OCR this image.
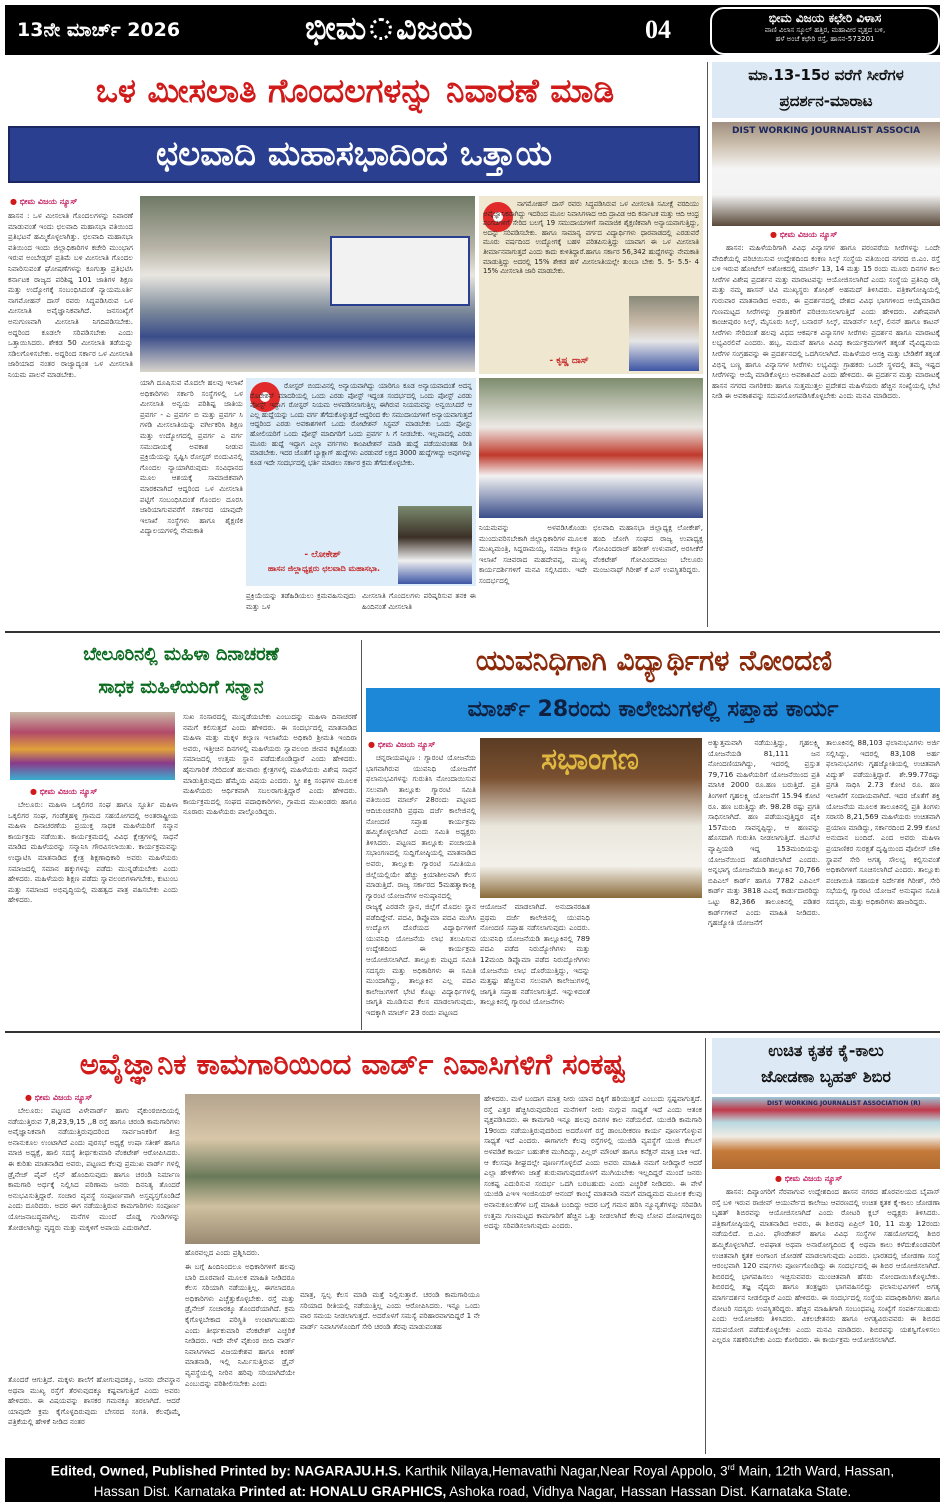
13ನೇ ಮಾರ್ಚ್ 2026	ಭೀಮ ವಿಜಯ	04	ಭೀಮ ವಿಜಯ ಕಛೇರಿ ವಿಳಾಸ
ವಾಣಿ ವಿಲಾಸ ಸ್ಕೂಲ್ ಹತ್ತಿರ, ಮಹಾವೀರ ವೃತ್ತದ ಬಳಿ,
ಹಳೆ ಅಂಚೆ ಕಛೇರಿ ರಸ್ತೆ, ಹಾಸನ-573201
ಒಳ ಮೀಸಲಾತಿ ಗೊಂದಲಗಳನ್ನು ನಿವಾರಣೆ ಮಾಡಿ
ಛಲವಾದಿ ಮಹಾಸಭಾದಿಂದ ಒತ್ತಾಯ
● ಭೀಮ ವಿಜಯ ನ್ಯೂಸ್
ಹಾಸನ : ಒಳ ಮೀಸಲಾತಿ ಗೊಂದಲಗಳನ್ನು ನಿವಾರಣೆ ಮಾಡುವಂತೆ ಇಂದು ಛಲವಾದಿ ಮಹಾಸಭಾ ವತಿಯಿಂದ ಪ್ರತಿಭಟನೆ ಹಮ್ಮಿಕೊಳ್ಳಲಾಗಿತ್ತು. ಛಲವಾದಿ ಮಹಾಸಭಾ ವತಿಯಿಂದ ಇಂದು ಜಿಲ್ಲಾಧಿಕಾರಿಗಳ ಕಚೇರಿ ಮುಂಭಾಗ ಇರುವ ಅಂಬೇಡ್ಕರ್ ಪ್ರತಿಮೆ ಬಳಿ ಮೀಸಲಾತಿ ಗೊಂದಲ ನಿವಾರಿಸುವಂತೆ ಘೋಷಣೆಗಳನ್ನು ಕೂಗುತ್ತಾ ಪ್ರತಿಭಟಿಸಿ ಕರ್ನಾಟಕ ರಾಜ್ಯದ ಪರಿಶಿಷ್ಟ 101 ಜಾತಿಗಳ ಶಿಕ್ಷಣ ಮತ್ತು ಉದ್ಯೋಗಕ್ಕೆ ಸಂಬಂಧಿಸಿದಂತೆ ನ್ಯಾಯಮೂರ್ತಿ ನಾಗಮೋಹನ್ ದಾಸ್ ರವರು ಸಿದ್ಧಪಡಿಸಿರುವ ಒಳ ಮೀಸಲಾತಿ ಅವೈಜ್ಞಾನಿಕವಾಗಿದೆ. ಜನಸಂಖ್ಯೆಗೆ ಅನುಗುಣವಾಗಿ ಮೀಸಲಾತಿ ನಿಗದಿಪಡಿಸಬೇಕು. ಅದ್ದರಿಂದ ಕೂಡಲೇ ಸರಿಪಡಿಸಬೇಕು ಎಂದು ಒತ್ತಾಯಿಸಿದರು. ಶೇಕಡ 50 ಮೀಸಲಾತಿ ತಡೆಯನ್ನು ಸಡಿಲಗೊಳಿಸಬೇಕು. ಅದ್ದರಿಂದ ಸರ್ಕಾರ ಒಳ ಮೀಸಲಾತಿ ಜಾರಿಯಾದ ನಂತರ ರಾಜ್ಯಾದ್ಯಂತ ಒಳ ಮೀಸಲಾತಿ ನಿಯಮ ಪಾಲನೆ ಮಾಡಬೇಕು.
ಯಾಗಿ ದೂಷಿಸುವ ಮೊದಲೇ ಹಲವು ಇಲಾಖೆ ಅಧಿಕಾರಿಗಳು ಸರ್ಕಾರಿ ಸಂಸ್ಥೆಗಳಲ್ಲಿ ಒಳ ಮೀಸಲಾತಿ ಅನ್ವಯ ಪರಿಶಿಷ್ಟ ಜಾತಿಯ ಪ್ರವರ್ಗ - ಎ ಪ್ರವರ್ಗ ಬಿ ಮತ್ತು ಪ್ರವರ್ಗ ಸಿ ಗಳಡಿ ಮೀಸಲಾತಿಯನ್ನು ವರ್ಗೀಕರಿಸಿ ಶಿಕ್ಷಣ ಮತ್ತು ಉದ್ಯೋಗದಲ್ಲಿ ಪ್ರವರ್ಗ ಎ ವರ್ಗ ಸಮುದಾಯಕ್ಕೆ ಅವಕಾಶ ನೀಡುವ ಪ್ರಕ್ರಿಯೆಯನ್ನು ಸೃಷ್ಟಿಸಿ ರೋಸ್ಟರ್ ಬಿಂದುವಿನಲ್ಲಿ ಗೊಂದಲ ನ್ಯಾಯಾಗಿರುವುದು ಸಂವಿಧಾನದ ಮೂಲ ಆಶಯಕ್ಕೆ ಸಾಮಾಜಿಕವಾಗಿ ಮಾರಕವಾಗಿದೆ ಆದ್ದರಿಂದ ಒಳ ಮೀಸಲಾತಿ ಪಟ್ಟಿಗೆ ಸಂಬಂಧಿಸಿದಂತೆ ಗೊಂದಲ ದೂರಸಿ ಜಾರಿಯಾಗುವವರೆಗೆ ಸರ್ಕಾರದ ಯಾವುದೇ ಇಲಾಖೆ ಸಂಸ್ಥೆಗಳು ಹಾಗೂ ಶೈಕ್ಷಣಿಕ ವಿದ್ಯಾಲಯಗಳಲ್ಲಿ ನೇಮಕಾತಿ
ರೋಸ್ಟರ್ ಬಿಂದುವಿನಲ್ಲಿ ಅನ್ಯಾಯವಾಗಿದ್ದು ಯಾರಿಗೂ ಕೂಡ ಅನ್ಯಾಯವಾದಂತೆ ಅದನ್ನ ರೊಟೇಶನ್ ಮಾದರಿಯಲ್ಲಿ ಒಂದು ಎರಡು ಪೋಸ್ಟ್ ಇದ್ದಂತ ಸಂದರ್ಭದಲ್ಲಿ ಒಂದು ಪೋಸ್ಟ್ ಎರಡು ಪೋಸ್ಟ್ ಇದ್ದಾಗ ರೋಸ್ಟರ್ ನಿಯಮ ಅಳವಡಿಸಲಾಗುತ್ತಿಲ್ಲ ಈಗಿರುವ ನಿಯಮವನ್ನು ಅನ್ವಯಿಸಿದರೆ ಆ ಎಲ್ಲ ಹುದ್ದೆಯನ್ನು ಒಂದು ವರ್ಗ ತೆಗೆದುಕೊಳ್ಳುತ್ತದೆ ಆದ್ದರಿಂದ ಕೆಲ ಸಮುದಾಯಗಳಿಗೆ ಅನ್ಯಾಯವಾಗುತ್ತದೆ ಆದ್ದರಿಂದ ಎರಡು ಅವಕಾಶಗಳಿಗೆ ಒಂದು ರೋಟೇಶನ್ ಸಿಸ್ಟಮ್ ಮಾಡಬೇಕು ಒಂದು ಪೋಸ್ಟು ಹೋಲಿಯರಿಗೆ ಒಂದು ಪೋಸ್ಟ್ ಮಾದಿಗರಿಗೆ ಒಂದು ಪ್ರವರ್ಗ ಸಿ ಗೆ ನೀಡಬೇಕು. ಇಲ್ಲವಾದಲ್ಲಿ ಎರಡು ಮೂರು ಹುದ್ದೆ ಇದ್ದಾಗ ಎಲ್ಲಾ ವರ್ಗಗಳು ಕಾಂಪಿಟೇಶನ್ ಮಾಡಿ ಹುದ್ದೆ ಪಡೆಯುವಂತಹ ರೀತಿ ಮಾಡಬೇಕು. ಇದರ ಜೊತೆಗೆ ಬ್ಯಾಕ್ಲಾಗ್ ಹುದ್ದೆಗಳು ಎರಡುವರೆ ಲಕ್ಷದ 3000 ಹುದ್ದೆಗಳಿದ್ದು ಅವುಗಳನ್ನು ಕೂಡ ಇದೇ ಸಂದರ್ಭದಲ್ಲಿ ಭರ್ತಿ ಮಾಡಲು ಸರ್ಕಾರ ಕ್ರಮ ತೆಗೆದುಕೊಳ್ಳಬೇಕು.
- ಲೋಕೇಶ್
ಹಾಸನ ಜಿಲ್ಲಾಧ್ಯಕ್ಷರು ಛಲವಾದಿ ಮಹಾಸಭಾ.
ಪ್ರಕ್ರಿಯೆಯನ್ನು ತಡೆಹಿಡಿಯಲು ಕ್ರಮವಹಿಸುವುದು ಮತ್ತು ಒಳ
ಮೀಸಲಾತಿ ಗೊಂದಲಗಳು ಪರಿಷ್ಕರಿಸುವ ತನಕ ಈ ಹಿಂದಿನಂತೆ ಮೀಸಲಾತಿ
ನಾಗಮೋಹನ್ ದಾಸ್ ರವರು ಸಿದ್ಧಪಡಿಸಿರುವ ಒಳ ಮೀಸಲಾತಿ ಸಮೀಕ್ಷೆ ವರದಿಯು ಅವೈಜ್ಞಾನಿಕವಾಗಿದ್ದು ಇದರಿಂದ ಮೂಲ ನಿವಾಸಿಗಳಾದ ಆದಿ ದ್ರಾವಿಡ ಆದಿ ಕರ್ನಾಟಕ ಮತ್ತು ಆದಿ ಆಂಧ್ರ ಪಂಗಡಗಳಿಗೆ ಸೇರಿದ ಬಲಗೈ 19 ಸಮುದಾಯಗಳಿಗೆ ಸಾಮಾಜಿಕ ಶೈಕ್ಷಣಿಕವಾಗಿ ಅನ್ಯಾಯವಾಗುತ್ತಿದ್ದು, ಅದನ್ನು ಸರಿಪಡಿಸಬೇಕು. ಹಾಗೂ ಸಾಮಾನ್ಯ ವರ್ಗದ ವಿದ್ಯಾರ್ಥಿಗಳು ಧಾರವಾಡದಲ್ಲಿ ಎರಡುವರೆ ಮೂರು ವರ್ಷದಿಂದ ಉದ್ಯೋಗಕ್ಕೆ ಬಹಳ ಪರಿತಪಿಸುತ್ತಿದ್ದು ಯಾವಾಗ ಈ ಒಳ ಮೀಸಲಾತಿ ತೀರ್ಮಾನವಾಗುತ್ತದೆ ಎಂದು ಕಾದು ಕುಳಿತಿದ್ದಾರೆ.ಹಾಗೂ ಸರ್ಕಾರ 56,342 ಹುದ್ದೆಗಳನ್ನು ನೇಮಕಾತಿ ಮಾಡುತ್ತಿದ್ದು ಅದರಲ್ಲಿ 15% ಶೇಕಡ ಹಳೆ ಮೀಸಲಾತಿಯಲ್ಲೇ ತುಂಬಾ ಬೇಕು 5. 5- 5.5- 4 15% ಮೀಸಲಾತಿ ಜಾರಿ ಮಾಡಬೇಕು.
- ಕೃಷ್ಣ ದಾಸ್
ನಿಯಮವನ್ನು ಅಳವಡಿಸಿಕೊಂಡು ಮುಂದುವರಿಸಬೇಕಾಗಿ ಜಿಲ್ಲಾಧಿಕಾರಿಗಳ ಮೂಲಕ ಮುಖ್ಯಮಂತ್ರಿ, ಸಿದ್ದರಾಮಯ್ಯ, ಸಮಾಜ ಕಲ್ಯಾಣ ಇಲಾಖೆ ಸಚಿವರಾದ ಮಹದೇವಪ್ಪ, ಮುಖ್ಯ ಕಾರ್ಯದರ್ಶಿಗಳಿಗೆ ಮನವಿ ಸಲ್ಲಿಸಿದರು. ಇದೇ ಸಂದರ್ಭದಲ್ಲಿ
ಛಲವಾದಿ ಮಹಾಸಭಾ ಜಿಲ್ಲಾಧ್ಯಕ್ಷ ಲೋಕೇಶ್, ಹಂದಿ ಜೋಗಿ ಸಂಘದ ರಾಜ್ಯ ಉಪಾಧ್ಯಕ್ಷ ಗೋವಿಂದರಾಜ್ ಹರೀಶ್ ಉಳುವಾರೆ, ಅರಸೀಕೆರೆ ವೆಂಕಟೇಶ್ ಗೋವಿಂದರಾಜು ಬೇಲೂರು ಮಂಜುನಾಥ್ ಗಿರೀಶ್ ಕೆ ಎಸ್ ಉಪಸ್ಥಿತರಿದ್ದರು.
ಮಾ.13-15ರ ವರೆಗೆ ಸೀರೆಗಳ
ಪ್ರದರ್ಶನ-ಮಾರಾಟ
DIST WORKING JOURNALIST ASSOCIA
● ಭೀಮ ವಿಜಯ ನ್ಯೂಸ್
ಹಾಸನ: ಮಹಿಳೆಯರಿಗಾಗಿ ವಿವಿಧ ವಿನ್ಯಾಸಗಳ ಹಾಗೂ ಪರಂಪರೆಯ ಸೀರೆಗಳನ್ನು ಒಂದೇ ವೇದಿಕೆಯಲ್ಲಿ ಪರಿಚಯಿಸುವ ಉದ್ದೇಶದಿಂದ ಕಂಕಣ ಸಿಲ್ಕ್ ಸಂಸ್ಥೆಯ ವತಿಯಿಂದ ನಗರದ ಬಿ.ಎಂ. ರಸ್ತೆ ಬಳಿ ಇರುವ ಹೋಟೆಲ್ ಅಶೋಕದಲ್ಲಿ ಮಾರ್ಚ್ 13, 14 ಮತ್ತು 15 ರಂದು ಮೂರು ದಿನಗಳ ಕಾಲ ಸೀರೆಗಳ ವಿಶೇಷ ಪ್ರದರ್ಶನ ಮತ್ತು ಮಾರಾಟವನ್ನು ಆಯೋಜಿಸಲಾಗಿದೆ ಎಂದು ಸಂಸ್ಥೆಯ ಪ್ರತಿನಿಧಿ ರಶ್ಮಿ ಮತ್ತು ನಮ್ಮ ಹಾಸನ್ ಟಿವಿ ಮುಖ್ಯಸ್ಥರು ತೋಫಿಕ್ ಅಹಮದ್ ತಿಳಿಸಿದರು. ಪತ್ರಿಕಾಗೋಷ್ಠಿಯಲ್ಲಿ ಗುರುವಾರ ಮಾತನಾಡಿದ ಅವರು, ಈ ಪ್ರದರ್ಶನದಲ್ಲಿ ದೇಶದ ವಿವಿಧ ಭಾಗಗಳಿಂದ ಆಯ್ಕೆಮಾಡಿದ ಗುಣಮಟ್ಟದ ಸೀರೆಗಳನ್ನು ಗ್ರಾಹಕರಿಗೆ ಪರಿಚಯಿಸಲಾಗುತ್ತಿದೆ ಎಂದು ಹೇಳಿದರು. ವಿಶೇಷವಾಗಿ ಕಾಂಚೀಪುರಂ ಸಿಲ್ಕ್, ಮೈಸೂರು ಸಿಲ್ಕ್, ಬನಾರಸ್ ಸಿಲ್ಕ್, ಮಾಡರ್ನ್ ಸಿಲ್ಕ್, ಲಿನನ್ ಹಾಗೂ ಕಾಟನ್ ಸೀರೆಗಳು ಸೇರಿದಂತೆ ಹಲವು ವಿಧದ ಆಕರ್ಷಕ ವಿನ್ಯಾಸಗಳ ಸೀರೆಗಳು ಪ್ರದರ್ಶನ ಹಾಗೂ ಮಾರಾಟಕ್ಕೆ ಲಭ್ಯವಿರಲಿವೆ ಎಂದರು. ಹಬ್ಬ, ಮದುವೆ ಹಾಗೂ ವಿವಿಧ ಕಾರ್ಯಕ್ರಮಗಳಿಗೆ ತಕ್ಕಂತೆ ವೈವಿಧ್ಯಮಯ ಸೀರೆಗಳ ಸಂಗ್ರಹವನ್ನು ಈ ಪ್ರದರ್ಶನದಲ್ಲಿ ಒದಗಿಸಲಾಗಿದೆ. ಮಹಿಳೆಯರ ಆಸಕ್ತಿ ಮತ್ತು ಬೇಡಿಕೆಗೆ ತಕ್ಕಂತೆ ವಿಭಿನ್ನ ಬಣ್ಣ ಹಾಗೂ ವಿನ್ಯಾಸಗಳ ಸೀರೆಗಳು ಲಭ್ಯವಿದ್ದು ಗ್ರಾಹಕರು ಒಂದೇ ಸ್ಥಳದಲ್ಲಿ ತಮ್ಮ ಇಷ್ಟದ ಸೀರೆಗಳನ್ನು ಆಯ್ಕೆ ಮಾಡಿಕೊಳ್ಳಲು ಅವಕಾಶವಿದೆ ಎಂದು ಹೇಳಿದರು. ಈ ಪ್ರದರ್ಶನ ಮತ್ತು ಮಾರಾಟಕ್ಕೆ ಹಾಸನ ನಗರದ ನಾಗರಿಕರು ಹಾಗೂ ಸುತ್ತಮುತ್ತಲ ಪ್ರದೇಶದ ಮಹಿಳೆಯರು ಹೆಚ್ಚಿನ ಸಂಖ್ಯೆಯಲ್ಲಿ ಭೇಟಿ ನೀಡಿ ಈ ಅವಕಾಶವನ್ನು ಸದುಪಯೋಗಪಡಿಸಿಕೊಳ್ಳಬೇಕು ಎಂದು ಮನವಿ ಮಾಡಿದರು.
ಬೇಲೂರಿನಲ್ಲಿ ಮಹಿಳಾ ದಿನಾಚರಣೆ
ಸಾಧಕ ಮಹಿಳೆಯರಿಗೆ ಸನ್ಮಾನ
● ಭೀಮ ವಿಜಯ ನ್ಯೂಸ್
ಬೇಲೂರು: ಮಹಿಳಾ ಒಕ್ಕಲಿಗರ ಸಂಘ ಹಾಗೂ ಸ್ಫೂರ್ತಿ ಮಹಿಳಾ ಒಕ್ಕಲಿಗರ ಸಂಘ, ಗಂಡೆತ್ತಹಳ್ಳಿ ಗ್ರಾಮದ ಸಹಯೋಗದಲ್ಲಿ ಅಂತರಾಷ್ಟ್ರೀಯ ಮಹಿಳಾ ದಿನಾಚರಣೆಯ ಪ್ರಯುಕ್ತ ಸಾಧಕ ಮಹಿಳೆಯರಿಗೆ ಸನ್ಮಾನ ಕಾರ್ಯಕ್ರಮ ನಡೆಯಿತು. ಕಾರ್ಯಕ್ರಮದಲ್ಲಿ ವಿವಿಧ ಕ್ಷೇತ್ರಗಳಲ್ಲಿ ಸಾಧನೆ ಮಾಡಿದ ಮಹಿಳೆಯರನ್ನು ಸನ್ಮಾನಿಸಿ ಗೌರವಿಸಲಾಯಿತು. ಕಾರ್ಯಕ್ರಮವನ್ನು ಉದ್ಘಾಟಿಸಿ ಮಾತನಾಡಿದ ಕ್ಷೇತ್ರ ಶಿಕ್ಷಣಾಧಿಕಾರಿ ಅವರು ಮಹಿಳೆಯರು ಸಮಾಜದಲ್ಲಿ ಸಮಾನ ಹಕ್ಕುಗಳನ್ನು ಪಡೆದು ಮುನ್ನಡೆಯಬೇಕು ಎಂದು ಹೇಳಿದರು. ಮಹಿಳೆಯರು ಶಿಕ್ಷಣ ಪಡೆದು ಸ್ವಾವಲಂಬಿಗಳಾಗಬೇಕು, ಕುಟುಂಬ ಮತ್ತು ಸಮಾಜದ ಅಭಿವೃದ್ಧಿಯಲ್ಲಿ ಮಹತ್ವದ ಪಾತ್ರ ವಹಿಸಬೇಕು ಎಂದು ಹೇಳಿದರು.
ಸುಖ ಸಂಸಾರದಲ್ಲಿ ಮುನ್ನಡೆಯಬೇಕು ಎಂಬುದನ್ನು ಮಹಿಳಾ ದಿನಾಚರಣೆ ನಮಗೆ ಕಲಿಸುತ್ತದೆ ಎಂದು ಹೇಳಿದರು. ಈ ಸಂದರ್ಭದಲ್ಲಿ ಮಾತನಾಡಿದ ಮಹಿಳಾ ಮತ್ತು ಮಕ್ಕಳ ಕಲ್ಯಾಣ ಇಲಾಖೆಯ ಅಧಿಕಾರಿ ಶ್ರೀಮತಿ ಇಂದಿರಾ ಅವರು, ಇತ್ತೀಚಿನ ದಿನಗಳಲ್ಲಿ ಮಹಿಳೆಯರು ಸ್ವಾವಲಂಬಿ ಜೀವನ ಕಟ್ಟಿಕೊಂಡು ಸಮಾಜದಲ್ಲಿ ಉತ್ತಮ ಸ್ಥಾನ ಪಡೆದುಕೊಂಡಿದ್ದಾರೆ ಎಂದು ಹೇಳಿದರು. ಹೈನುಗಾರಿಕೆ ಸೇರಿದಂತೆ ಹಲವಾರು ಕ್ಷೇತ್ರಗಳಲ್ಲಿ ಮಹಿಳೆಯರು ವಿಶೇಷ ಸಾಧನೆ ಮಾಡುತ್ತಿರುವುದು ಹೆಮ್ಮೆಯ ವಿಷಯ ಎಂದರು. ಸ್ತ್ರೀ ಶಕ್ತಿ ಸಂಘಗಳ ಮೂಲಕ ಮಹಿಳೆಯರು ಆರ್ಥಿಕವಾಗಿ ಸಬಲರಾಗುತ್ತಿದ್ದಾರೆ ಎಂದು ಹೇಳಿದರು. ಕಾರ್ಯಕ್ರಮದಲ್ಲಿ ಸಂಘದ ಪದಾಧಿಕಾರಿಗಳು, ಗ್ರಾಮದ ಮುಖಂಡರು ಹಾಗೂ ನೂರಾರು ಮಹಿಳೆಯರು ಪಾಲ್ಗೊಂಡಿದ್ದರು.
ಯುವನಿಧಿಗಾಗಿ ವಿದ್ಯಾರ್ಥಿಗಳ ನೋಂದಣಿ
ಮಾರ್ಚ್ 28ರಂದು ಕಾಲೇಜುಗಳಲ್ಲಿ ಸಪ್ತಾಹ ಕಾರ್ಯ
● ಭೀಮ ವಿಜಯ ನ್ಯೂಸ್
ಚನ್ನರಾಯಪಟ್ಟಣ : ಗ್ಯಾರಂಟಿ ಯೋಜನೆಯ ಭಾಗವಾಗಿರುವ ಯುವನಿಧಿ ಯೋಜನೆಗೆ ಫಲಾನುಭವಿಗಳನ್ನು ಗುರುತಿಸಿ ನೋಂದಾಯಿಸುವ ಸಲುವಾಗಿ ತಾಲ್ಲೂಕು ಗ್ಯಾರಂಟಿ ಸಮಿತಿ ವತಿಯಿಂದ ಮಾರ್ಚ್ 28ರಂದು ಪಟ್ಟಣದ ಆದಿಚುಂಚನಗಿರಿ ಪ್ರಥಮ ದರ್ಜೆ ಕಾಲೇಜಿನಲ್ಲಿ ನೋಂದಣಿ ಸಪ್ತಾಹ ಕಾರ್ಯಕ್ರಮ ಹಮ್ಮಿಕೊಳ್ಳಲಾಗಿದೆ ಎಂದು ಸಮಿತಿ ಅಧ್ಯಕ್ಷರು ತಿಳಿಸಿದರು. ಪಟ್ಟಣದ ತಾಲ್ಲೂಕು ಪಂಚಾಯತಿ ಸಭಾಂಗಣದಲ್ಲಿ ಸುದ್ದಿಗೋಷ್ಠಿಯಲ್ಲಿ ಮಾತನಾಡಿದ ಅವರು, ತಾಲ್ಲೂಕು ಗ್ಯಾರಂಟಿ ಸಮಿತಿಯೂ ಜಿಲ್ಲೆಯಲ್ಲಿಯೇ ಹೆಚ್ಚು ಕ್ರಿಯಾಶೀಲವಾಗಿ ಕೆಲಸ ಮಾಡುತ್ತಿದೆ. ರಾಜ್ಯ ಸರ್ಕಾರದ 5ಮಹತ್ವಾಕಾಂಕ್ಷಿ ಗ್ಯಾರಂಟಿ ಯೋಜನೆಗಳ ಅನುಷ್ಠಾನದಲ್ಲಿ
ಸಭಾಂಗಣ
ರಾಜ್ಯಕ್ಕೆ ಎರಡನೇ ಸ್ಥಾನ, ಜಿಲ್ಲೆಗೆ ಮೊದಲ ಸ್ಥಾನ ಪಡೆದಿದ್ದೇವೆ. ಪದವಿ, ಡಿಪ್ಲೊಮಾ ಪದವಿ ಮುಗಿಸಿ ಉದ್ಯೋಗ ದೊರೆಯದ ವಿದ್ಯಾರ್ಥಿಗಳಿಗೆ ಯುವನಿಧಿ ಯೋಜನೆಯ ಲಾಭ ತಲುಪಿಸುವ ಉದ್ದೇಶದಿಂದ ಈ ಕಾರ್ಯಕ್ರಮ ಆಯೋಜಿಸಲಾಗಿದೆ. ತಾಲ್ಲೂಕು ಮಟ್ಟದ ಸಮಿತಿ ಸದಸ್ಯರು ಮತ್ತು ಅಧಿಕಾರಿಗಳು ಈ ಸಮಿತಿ ಮುಂದಾಗಿದ್ದು, ತಾಲ್ಲೂಕಿನ ಎಲ್ಲ ಪದವಿ ಕಾಲೇಜುಗಳಿಗೆ ಭೇಟಿ ಕೊಟ್ಟು ವಿದ್ಯಾರ್ಥಿಗಳಲ್ಲಿ ಜಾಗೃತಿ ಮೂಡಿಸುವ ಕೆಲಸ ಮಾಡಲಾಗುವುದು, ಇದಕ್ಕಾಗಿ ಮಾರ್ಚ್ 23 ರಂದು ಪಟ್ಟಣದ
ಆಯೋಜನೆ ಮಾಡಲಾಗಿದೆ. ಅನುದಾನರಹಿತ ಪ್ರಥಮ ದರ್ಜೆ ಕಾಲೇಜಿನಲ್ಲಿ ಯುವನಿಧಿ ನೋಂದಣಿ ಸಪ್ತಾಹ ನಡೆಸಲಾಗುವುದು ಎಂದರು. ಯುವನಿಧಿ ಯೋಜನೆಯಡಿ ತಾಲ್ಲೂಕಿನಲ್ಲಿ 789 ಪದವಿ ಪಡೆದ ನಿರುದ್ಯೋಗಿಗಳು ಮತ್ತು 12ಮಂದಿ ಡಿಪ್ಲೊಮಾ ಪಡೆದ ನಿರುದ್ಯೋಗಿಗಳು ಯೋಜನೆಯ ಲಾಭ ದೊರೆಯುತ್ತಿದ್ದು, ಇದನ್ನು ಮತ್ತಷ್ಟು ಹೆಚ್ಚಿಸುವ ಸಲುವಾಗಿ ಕಾಲೇಜುಗಳಲ್ಲಿ ಜಾಗೃತಿ ಸಪ್ತಾಹ ನಡೆಸಲಾಗುತ್ತಿದೆ. ಇನ್ನುಳಿದಂತೆ ತಾಲ್ಲೂಕಿನಲ್ಲಿ ಗ್ಯಾರಂಟಿ ಯೋಜನೆಗಳು
ಅತ್ಯುತ್ತಮವಾಗಿ ನಡೆಯುತ್ತಿದ್ದು, ಗೃಹಲಕ್ಷ್ಮಿ ಯೋಜನೆಯಡಿ 81,111 ಜನ ನೋಂದಣಿಯಾಗಿದ್ದು, ಇದರಲ್ಲಿ ಪ್ರಸ್ತುತ 79,716 ಮಹಿಳೆಯರಿಗೆ ಯೋಜನೆಯಿಂದ ಪ್ರತಿ ಮಾಸಿಕ 2000 ರೂ.ಹಣ ಬರುತ್ತಿದೆ. ಪ್ರತಿ ತಿಂಗಳಿಗೆ ಗೃಹಲಕ್ಷ್ಮಿ ಯೋಜನೆಗೆ 15.94 ಕೋಟಿ ರೂ. ಹಣ ಬರುತ್ತಿದ್ದು ಶೇ. 98.28 ರಷ್ಟು ಪ್ರಗತಿ ಸಾಧಿಸಲಾಗಿದೆ. ಹಣ ಪಡೆಯುವುತ್ತಿದ್ದರ ಪೈಕಿ 157ಮಂದಿ ಸಾವನ್ನಪ್ಪಿದ್ದು, ಆ ಹಣವನ್ನು ಹೊಸದಾಗಿ ಗುರುತಿಸಿ ನೀಡಲಾಗುತ್ತಿದೆ. ಜಿಎಸ್‌ಟಿ ವ್ಯಾಪ್ತಿಯಡಿ ಇದ್ದ 153ಮಂದಿಯನ್ನು ಯೋಜನೆಯಿಂದ ಹೊರಗಿಡಲಾಗಿದೆ ಎಂದರು. ಅನ್ನಭಾಗ್ಯ ಯೋಜನೆಯಡಿ ತಾಲ್ಲೂಕಿನ 70,766 ಬಿಪಿಎಲ್ ಕಾರ್ಡ್ ಹಾಗೂ 7782 ಎಪಿಎಲ್ ಕಾರ್ಡ್ ಮತ್ತು 3818 ಎಎವೈ ಕಾರ್ಡುದಾರರಿದ್ದು ಒಟ್ಟು 82,366 ತಾಲೂಕಿನಲ್ಲಿ ಪಡಿತರ ಕಾರ್ಡ್‌ಗಳಿವೆ ಎಂದು ಮಾಹಿತಿ ನೀಡಿದರು. ಗೃಹಜ್ಯೋತಿ ಯೋಜನೆಗೆ
ತಾಲೂಕಿನಲ್ಲಿ 88,103 ಫಲಾನುಭವಿಗಳು ಅರ್ಜಿ ಸಲ್ಲಿಸಿದ್ದು, ಇದರಲ್ಲಿ 83,108 ಅರ್ಹ ಫಲಾನುಭವಿಗಳು ಗೃಹಜ್ಯೋತಿಯಲ್ಲಿ ಉಚಿತವಾಗಿ ವಿದ್ಯುತ್ ಪಡೆಯುತ್ತಿದ್ದಾರೆ. ಶೇ.99.77ರಷ್ಟು ಪ್ರಗತಿ ಸಾಧಿಸಿ 2.73 ಕೋಟಿ ರೂ. ಹಣ ಇಲಾಖೆಗೆ ಸಂದಾಯವಾಗಿದೆ. ಇದರ ಜೊತೆಗೆ ಶಕ್ತಿ ಯೋಜನೆಯ ಮೂಲಕ ತಾಲೂಕಿನಲ್ಲಿ ಪ್ರತಿ ತಿಂಗಳು ಸರಾಸರಿ 8,21,569 ಮಹಿಳೆಯರು ಉಚಿತವಾಗಿ ಪ್ರಯಾಣ ಮಾಡಿದ್ದು, ಸರ್ಕಾರದಿಂದ 2.99 ಕೋಟಿ ಅನುದಾನ ಬಂದಿದೆ. ಎಂದ ಅವರು ಮಹಿಳಾ ಪ್ರಯಾಣಿಕರ ಸುರಕ್ಷತೆ ದೃಷ್ಟಿಯಿಂದ ಪೊಲೀಸ್ ಚೌಕಿ ಸ್ಥಾಪನೆ ಸೇರಿ ಅಗತ್ಯ ಸೌಲಭ್ಯ ಕಲ್ಪಿಸುವಂತೆ ಅಧಿಕಾರಿಗಳಿಗೆ ಸೂಚಿಸಲಾಗಿದೆ ಎಂದರು. ತಾಲ್ಲೂಕು ಪಂಚಾಯಿತಿ ಸಹಾಯಕ ನಿರ್ದೇಶಕ ಗಿರೀಶ್, ಸೇರಿ ಸಭೆಯಲ್ಲಿ ಗ್ಯಾರಂಟಿ ಯೋಜನೆ ಅನುಷ್ಠಾನ ಸಮಿತಿ ಸದಸ್ಯರು, ಮತ್ತು ಅಧಿಕಾರಿಗಳು ಹಾಜರಿದ್ದರು.
ಅವೈಜ್ಞಾನಿಕ ಕಾಮಗಾರಿಯಿಂದ ವಾರ್ಡ್ ನಿವಾಸಿಗಳಿಗೆ ಸಂಕಷ್ಟ
● ಭೀಮ ವಿಜಯ ನ್ಯೂಸ್
ಬೇಲೂರು: ಪಟ್ಟಣದ ವಿಳೇವಾರ್ಡ್ ಹಾಗು ವೈಕುಂಠಬೀದಿಯಲ್ಲಿ ನಡೆಯುತ್ತಿರುವ 7,8,23,9,15 ,,8 ರಸ್ತೆ ಹಾಗೂ ಚರಂಡಿ ಕಾಮಗಾರಿಗಳು ಅವೈಜ್ಞಾನಿಕವಾಗಿ ನಡೆಯುತ್ತಿರುವುದರಿಂದ ಸಾರ್ವಜನಿಕರಿಗೆ ತೀವ್ರ ಅನಾನುಕೂಲ ಉಂಟಾಗಿದೆ ಎಂದು ಪುರಸಭೆ ಅಧ್ಯಕ್ಷೆ ಉಷಾ ಸತೀಶ್ ಹಾಗೂ ಮಾಜಿ ಅಧ್ಯಕ್ಷೆ, ಹಾಲಿ ಸದಸ್ಯೆ ತೀರ್ಥಕುಮಾರಿ ವೆಂಕಟೇಶ್ ಆರೋಪಿಸಿದರು. ಈ ಕುರಿತು ಮಾತನಾಡಿದ ಅವರು, ಪಟ್ಟಣದ ಕೆಲವು ಪ್ರಮುಖ ವಾರ್ಡ್ ಗಳಲ್ಲಿ ಡ್ರೈನೇಜ್ ಪೈಪ್ ಲೈನ್ ಹೊಂದಿಸುವುದು ಹಾಗೂ ಚರಂಡಿ ನಿರ್ಮಾಣ ಕಾಮಗಾರಿ ಅರ್ಧಕ್ಕೆ ನಿಲ್ಲಿಸಿದ ಪರಿಣಾಮ ಜನರು ದಿನನಿತ್ಯ ತೊಂದರೆ ಅನುಭವಿಸುತ್ತಿದ್ದಾರೆ. ಸಂಚಾರ ವ್ಯವಸ್ಥೆ ಸಂಪೂರ್ಣವಾಗಿ ಅಸ್ತವ್ಯಸ್ತಗೊಂಡಿದೆ ಎಂದು ದೂರಿದರು. ಅದರ ಈಗ ನಡೆಯುತ್ತಿರುವ ಕಾಮಗಾರಿಗಳು ಸಂಪೂರ್ಣ ಯೋಜನಾಬದ್ಧವಾಗಿಲ್ಲ. ಮನೆಗಳ ಮುಂದೆ ದೊಡ್ಡ ಗುಂಡಿಗಳನ್ನು ತೋಡಲಾಗಿದ್ದು ವೃದ್ಧರು ಮತ್ತು ಮಕ್ಕಳಿಗೆ ಅಪಾಯ ಎದುರಾಗಿದೆ.
ಹೊರವಲ್ಲದ ಎಂದು ಪ್ರಶ್ನಿಸಿದರು.
ಈ ಬಗ್ಗೆ ಹಿಂದಿನಿಂದಲೂ ಅಧಿಕಾರಿಗಳಿಗೆ ಹಲವು ಬಾರಿ ದೂರವಾಣಿ ಮೂಲಕ ಮಾಹಿತಿ ನೀಡಿದರೂ ಕೆಲಸ ಸರಿಯಾಗಿ ನಡೆಯುತ್ತಿಲ್ಲ. ಈಗಲಾದರೂ ಅಧಿಕಾರಿಗಳು ಎಚ್ಚೆತ್ತುಕೊಳ್ಳಬೇಕು. ರಸ್ತೆ ಮತ್ತು ಡ್ರೈನೇಜ್ ಸಂಚಾರಕ್ಕೂ ತೊಂದರೆಯಾಗಿದೆ. ಕ್ರಮ ಕೈಗೊಳ್ಳಬೇಕಾದ ಪರಿಸ್ಥಿತಿ ಉಂಟಾಗಬಹುದು ಎಂದು ತೀರ್ಥಕುಮಾರಿ ವೆಂಕಟೇಶ್ ಎಚ್ಚರಿಕೆ ನೀಡಿದರು. ಇದೇ ವೇಳೆ ವೈಕುಂಠ ಬೀದಿ ವಾರ್ಡ್ ನಿವಾಸಿಗಳಾದ ವಿಜಯಕೇಶವ ಹಾಗೂ ಕಿರಣ್ ಮಾತನಾಡಿ, ಇಲ್ಲಿ ನಿರ್ಮಿಸುತ್ತಿರುವ ಡ್ರೈನ್ ವ್ಯವಸ್ಥೆಯಲ್ಲಿ ನೀರಿನ ಹರಿವು ಸರಿಯಾಗಿದೆಯೇ ಎಂಬುದನ್ನು ಪರಿಶೀಲಿಸಬೇಕು ಎಂದು
ತೊಂದರೆ ಆಗುತ್ತಿದೆ. ಮಕ್ಕಳು ಶಾಲೆಗೆ ಹೋಗುವುದಕ್ಕೂ, ಜನರು ದೇವಸ್ಥಾನ ಅಥವಾ ಮುಖ್ಯ ರಸ್ತೆಗೆ ತೆರಳುವುದಕ್ಕೂ ಕಷ್ಟವಾಗುತ್ತಿದೆ ಎಂದು ಅವರು ಹೇಳಿದರು. ಈ ವಿಷಯವನ್ನು ಶಾಸಕರ ಗಮನಕ್ಕೂ ತರಲಾಗಿದೆ. ಆದರೆ ಯಾವುದೇ ಕ್ರಮ ಕೈಗೊಳ್ಳದಿರುವುದು ಬೇಸರದ ಸಂಗತಿ. ಕೆಲವೊಮ್ಮೆ ಪತ್ರಿಕೆಯಲ್ಲಿ ಹೇಳಿಕೆ ನೀಡಿದ ನಂತರ
ಮಾತ್ರ, ಸ್ವಲ್ಪ ಕೆಲಸ ಮಾಡಿ ಮತ್ತೆ ನಿಲ್ಲಿಸುತ್ತಾರೆ. ಚರಂಡಿ ಕಾಮಗಾರಿಯೂ ಸರಿಯಾದ ರೀತಿಯಲ್ಲಿ ನಡೆಯುತ್ತಿಲ್ಲ ಎಂದು ಆರೋಪಿಸಿದರು. ಇನ್ನೂ ಒಂದು ವಾರ ಸಮಯ ನೀಡಲಾಗುತ್ತದೆ. ಅದರೊಳಗೆ ಸಮಸ್ಯೆ ಪರಿಹಾರವಾಗದಿದ್ದರೆ 1 ನೇ ವಾರ್ಡ್ ನಿವಾಸಿಗಳೊಂದಿಗೆ ಸೇರಿ ಚರಂಡಿ ತೆರವು ಮಾಡುವಂತಹ
ಹೇಳಿದರು. ಮಳೆ ಬಂದಾಗ ಮಾತ್ರ ನೀರು ಯಾವ ದಿಕ್ಕಿಗೆ ಹರಿಯುತ್ತದೆ ಎಂಬುದು ಸ್ಪಷ್ಟವಾಗುತ್ತದೆ. ರಸ್ತೆ ಎತ್ತರ ಹೆಚ್ಚಿಸಿರುವುದರಿಂದ ಮನೆಗಳಿಗೆ ನೀರು ನುಗ್ಗುವ ಸಾಧ್ಯತೆ ಇದೆ ಎಂದು ಆತಂಕ ವ್ಯಕ್ತಪಡಿಸಿದರು. ಈ ಕಾಮಗಾರಿ ಇನ್ನೂ ಹಲವು ದಿನಗಳ ಕಾಲ ನಡೆಯಲಿದೆ. ಯುಜಿಡಿ ಕಾಮಗಾರಿ 19ರಂದು ನಡೆಯುತ್ತಿರುವುದರಿಂದ ಅದರೊಳಗೆ ರಸ್ತೆ ಡಾಂಬರೀಕರಣ ಕಾರ್ಯ ಪೂರ್ಣಗೊಳ್ಳುವ ಸಾಧ್ಯತೆ ಇದೆ ಎಂದರು. ಈಗಾಗಲೇ ಕೆಲವು ರಸ್ತೆಗಳಲ್ಲಿ ಯುಜಿಡಿ ವ್ಯವಸ್ಥೆಗೆ ಯುಜಿ ಕೇಬಲ್ ಅಳವಡಿಕೆ ಕಾರ್ಯ ಬಹುತೇಕ ಮುಗಿದಿದ್ದು, ಪಿಲ್ಲರ್ ಮೌಂಟ್ ಹಾಗೂ ಕನೆಕ್ಷನ್ ಮಾತ್ರ ಬಾಕಿ ಇದೆ. ಆ ಕೆಲಸವೂ ಶೀಘ್ರದಲ್ಲೇ ಪೂರ್ಣಗೊಳ್ಳಲಿದೆ ಎಂದು ಅವರು ಮಾಹಿತಿ ನಮಗೆ ನೀಡಿದ್ದಾರೆ ಆದರೆ ಎಲ್ಲಾ ಹೇಳಿಕೆಗಳು ಜಾತ್ರೆ ಶುರುವಾಗುವುದರೊಳಗೆ ಮುಗಿಯಬೇಕು ಇಲ್ಲದಿದ್ದರೆ ಮುಂದೆ ಜನರು ಸಂಕಷ್ಟ ಎದುರಿಸುವ ಸಂದರ್ಭ ಒದಗಿ ಬರಬಹುದು ಎಂದು ಎಚ್ಚರಿಕೆ ನೀಡಿದರು. ಈ ವೇಳೆ ಯುಜಿಡಿ ಎಇಇ ಇಂಜಿನಿಯರ್ ಆನಂದ್ ಕಾಂಬ್ಳೆ ಮಾತನಾಡಿ ನಮಗೆ ಮಾಧ್ಯಮದ ಮೂಲಕ ಕೆಲವು ಅನಾನುಕೂಲತೆಗಳ ಬಗ್ಗೆ ಮಾಹಿತಿ ಬಂದಿದ್ದು ಅದರ ಬಗ್ಗೆ ಗಮನ ಹರಿಸಿ ನ್ಯೂನ್ಯತೆಗಳನ್ನು ಸರಿಪಡಿಸಿ ಉತ್ತಮ ಗುಣಮಟ್ಟದ ಕಾಮಗಾರಿಗೆ ಹೆಚ್ಚಿನ ಒತ್ತು ನೀಡಲಾಗಿದೆ ಕೆಲವು ಲೋಪ ದೋಷಗಳಿದ್ದರು ಅದನ್ನು ಸರಿಪಡಿಸಲಾಗುವುದು ಎಂದರು.
ಉಚಿತ ಕೃತಕ ಕೈ-ಕಾಲು
ಜೋಡಣಾ ಬೃಹತ್ ಶಿಬಿರ
DIST WORKING JOURNALIST ASSOCIATION (R)
● ಭೀಮ ವಿಜಯ ನ್ಯೂಸ್
ಹಾಸನ: ದಿವ್ಯಾಂಗರಿಗೆ ನೆರವಾಗುವ ಉದ್ದೇಶದಿಂದ ಹಾಸನ ನಗರದ ಹೊರವಲಯದ ಬೈಪಾಸ್ ರಸ್ತೆ ಬಳಿ ಇರುವ ರಾಜೀವ್ ಆಯುರ್ವೇದ ಕಾಲೇಜು ಆವರಣದಲ್ಲಿ ಉಚಿತ ಕೃತಕ ಕೈ-ಕಾಲು ಜೋಡಣಾ ಬೃಹತ್ ಶಿಬಿರವನ್ನು ಆಯೋಜಿಸಲಾಗಿದೆ ಎಂದು ರೋಟರಿ ಕ್ಲಬ್ ಅಧ್ಯಕ್ಷರು ತಿಳಿಸಿದರು. ಪತ್ರಿಕಾಗೋಷ್ಠಿಯಲ್ಲಿ ಮಾತನಾಡಿದ ಅವರು, ಈ ಶಿಬಿರವು ಏಪ್ರಿಲ್ 10, 11 ಮತ್ತು 12ರಂದು ನಡೆಯಲಿದೆ. ಬಿ.ಎಂ. ಫೌಂಡೇಶನ್ ಹಾಗೂ ವಿವಿಧ ಸಂಸ್ಥೆಗಳ ಸಹಯೋಗದಲ್ಲಿ ಶಿಬಿರ ಹಮ್ಮಿಕೊಳ್ಳಲಾಗಿದೆ. ಅಪಘಾತ ಅಥವಾ ಅನಾರೋಗ್ಯದಿಂದ ಕೈ ಅಥವಾ ಕಾಲು ಕಳೆದುಕೊಂಡವರಿಗೆ ಉಚಿತವಾಗಿ ಕೃತಕ ಅಂಗಾಂಗ ಜೋಡಣೆ ಮಾಡಲಾಗುವುದು ಎಂದರು. ಭಾರತದಲ್ಲಿ ಜೋಡಣಾ ಸಂಸ್ಥೆ ಆರಂಭವಾಗಿ 120 ವರ್ಷಗಳು ಪೂರ್ಣಗೊಂಡಿದ್ದು ಈ ಸಂದರ್ಭದಲ್ಲಿ ಈ ಶಿಬಿರ ಆಯೋಜಿಸಲಾಗಿದೆ. ಶಿಬಿರದಲ್ಲಿ ಭಾಗವಹಿಸಲು ಇಚ್ಛಿಸುವವರು ಮುಂಚಿತವಾಗಿ ಹೆಸರು ನೋಂದಾಯಿಸಿಕೊಳ್ಳಬೇಕು. ಶಿಬಿರದಲ್ಲಿ ತಜ್ಞ ವೈದ್ಯರು ಹಾಗೂ ತಂತ್ರಜ್ಞರು ಭಾಗವಹಿಸಲಿದ್ದು ಫಲಾನುಭವಿಗಳಿಗೆ ಅಗತ್ಯ ಮಾರ್ಗದರ್ಶನ ನೀಡಲಿದ್ದಾರೆ ಎಂದು ಹೇಳಿದರು. ಈ ಸಂದರ್ಭದಲ್ಲಿ ಸಂಸ್ಥೆಯ ಪದಾಧಿಕಾರಿಗಳು ಹಾಗೂ ರೋಟರಿ ಸದಸ್ಯರು ಉಪಸ್ಥಿತರಿದ್ದರು. ಹೆಚ್ಚಿನ ಮಾಹಿತಿಗಾಗಿ ಸಂಬಂಧಪಟ್ಟ ಸಂಖ್ಯೆಗೆ ಸಂಪರ್ಕಿಸಬಹುದು ಎಂದು ಆಯೋಜಕರು ತಿಳಿಸಿದರು. ವಿಕಲಚೇತನರು ಹಾಗೂ ಅಗತ್ಯವಿರುವವರು ಈ ಶಿಬಿರದ ಸದುಪಯೋಗ ಪಡೆದುಕೊಳ್ಳಬೇಕು ಎಂದು ಮನವಿ ಮಾಡಿದರು. ಶಿಬಿರವನ್ನು ಯಶಸ್ವಿಗೊಳಿಸಲು ಎಲ್ಲರೂ ಸಹಕರಿಸಬೇಕು ಎಂದು ಕೋರಿದರು. ಈ ಕಾರ್ಯಕ್ರಮ ಆಯೋಜಿಸಲಾಗಿದೆ.
Edited, Owned, Published Printed by: NAGARAJU.H.S. Karthik Nilaya,Hemavathi Nagar,Near Royal Appolo, 3rd Main, 12th Ward, Hassan,
Hassan Dist. Karnataka Printed at: HONALU GRAPHICS, Ashoka road, Vidhya Nagar, Hassan Hassan Dist. Karnataka State.
